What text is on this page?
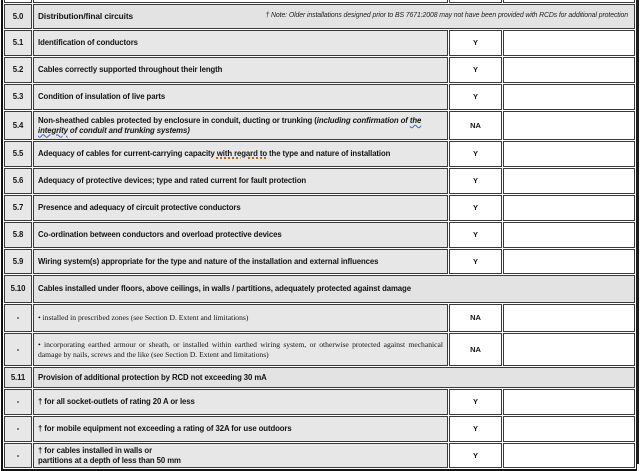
5.0	Distribution/final circuits † Note: Older installations designed prior to BS 7671:2008 may not have been provided with RCDs for additional protection		

5.1	Identification of conductors	Y	
5.2	Cables correctly supported throughout their length	Y	
5.3	Condition of insulation of live parts	Y	
5.4	Non-sheathed cables protected by enclosure in conduit, ducting or trunking (including confirmation of the integrity of conduit and trunking systems)	NA	
5.5	Adequacy of cables for current-carrying capacity with regard to the type and nature of installation	Y	
5.6	Adequacy of protective devices; type and rated current for fault protection	Y	
5.7	Presence and adequacy of circuit protective conductors	Y	
5.8	Co-ordination between conductors and overload protective devices	Y	
5.9	Wiring system(s) appropriate for the type and nature of the installation and external influences	Y	
5.10	Cables installed under floors, above ceilings, in walls / partitions, adequately protected against damage		
-	• installed in prescribed zones (see Section D. Extent and limitations)	NA	
-	• incorporating earthed armour or sheath, or installed within earthed wiring system, or otherwise protected against mechanical damage by nails, screws and the like (see Section D. Extent and limitations)	NA	
5.11	Provision of additional protection by RCD not exceeding 30 mA		
-	† for all socket-outlets of rating 20 A or less	Y	
-	† for mobile equipment not exceeding a rating of 32A for use outdoors	Y	
-	† for cables installed in walls or
partitions at a depth of less than 50 mm	Y	
